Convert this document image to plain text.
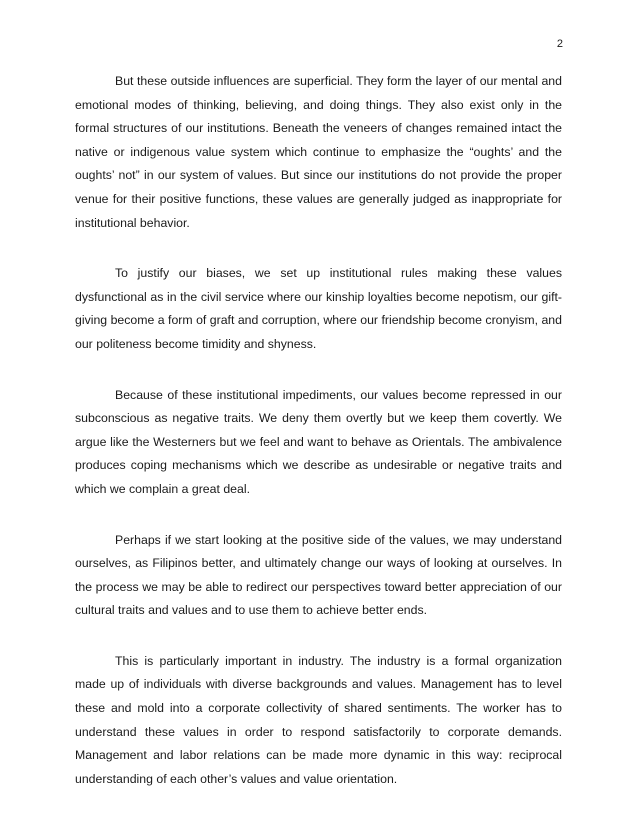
2

But these outside influences are superficial. They form the layer of our mental and emotional modes of thinking, believing, and doing things. They also exist only in the formal structures of our institutions. Beneath the veneers of changes remained intact the native or indigenous value system which continue to emphasize the “oughts’ and the oughts’ not” in our system of values. But since our institutions do not provide the proper venue for their positive functions, these values are generally judged as inappropriate for institutional behavior.

To justify our biases, we set up institutional rules making these values dysfunctional as in the civil service where our kinship loyalties become nepotism, our gift-giving become a form of graft and corruption, where our friendship become cronyism, and our politeness become timidity and shyness.

Because of these institutional impediments, our values become repressed in our subconscious as negative traits. We deny them overtly but we keep them covertly. We argue like the Westerners but we feel and want to behave as Orientals. The ambivalence produces coping mechanisms which we describe as undesirable or negative traits and which we complain a great deal.

Perhaps if we start looking at the positive side of the values, we may understand ourselves, as Filipinos better, and ultimately change our ways of looking at ourselves. In the process we may be able to redirect our perspectives toward better appreciation of our cultural traits and values and to use them to achieve better ends.

This is particularly important in industry. The industry is a formal organization made up of individuals with diverse backgrounds and values. Management has to level these and mold into a corporate collectivity of shared sentiments. The worker has to understand these values in order to respond satisfactorily to corporate demands. Management and labor relations can be made more dynamic in this way: reciprocal understanding of each other’s values and value orientation.
